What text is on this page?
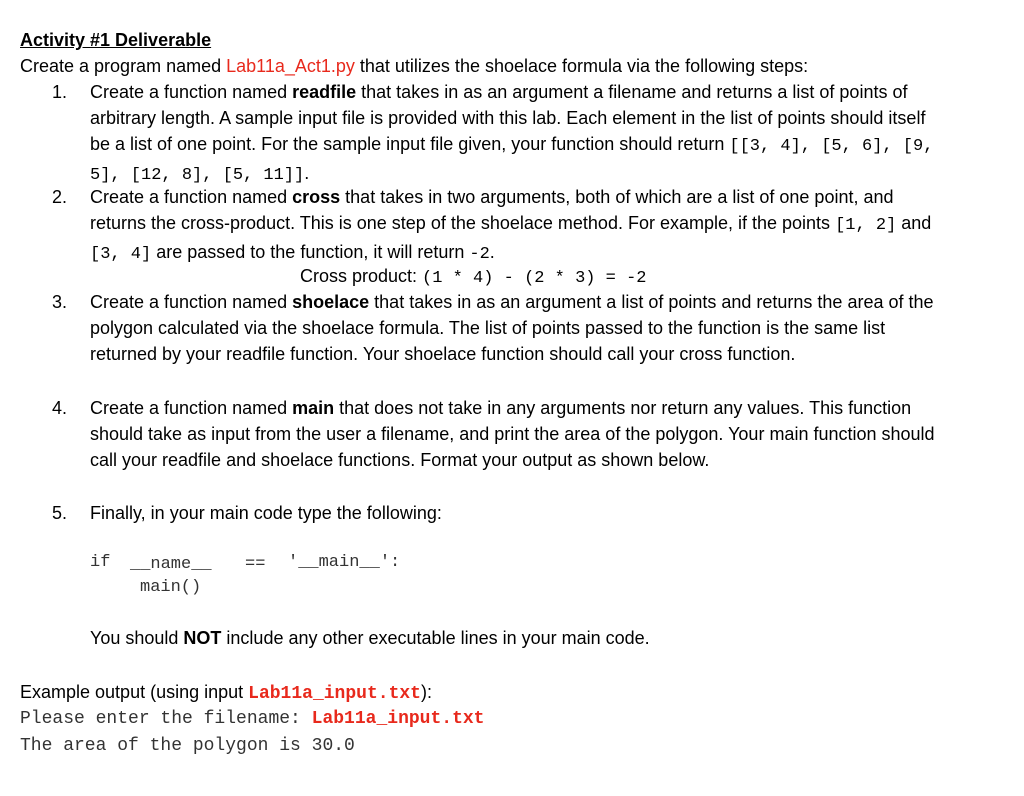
Activity #1 Deliverable
Create a program named Lab11a_Act1.py that utilizes the shoelace formula via the following steps:
1. Create a function named readfile that takes in as an argument a filename and returns a list of points of arbitrary length. A sample input file is provided with this lab. Each element in the list of points should itself be a list of one point. For the sample input file given, your function should return [[3, 4], [5, 6], [9, 5], [12, 8], [5, 11]].
2. Create a function named cross that takes in two arguments, both of which are a list of one point, and returns the cross-product. This is one step of the shoelace method. For example, if the points [1, 2] and [3, 4] are passed to the function, it will return -2.
Cross product: (1 * 4) - (2 * 3) = -2
3. Create a function named shoelace that takes in as an argument a list of points and returns the area of the polygon calculated via the shoelace formula. The list of points passed to the function is the same list returned by your readfile function. Your shoelace function should call your cross function.
4. Create a function named main that does not take in any arguments nor return any values. This function should take as input from the user a filename, and print the area of the polygon. Your main function should call your readfile and shoelace functions. Format your output as shown below.
5. Finally, in your main code type the following:
if __name__ == '__main__':
main()
You should NOT include any other executable lines in your main code.
Example output (using input Lab11a_input.txt):
Please enter the filename: Lab11a_input.txt
The area of the polygon is 30.0
